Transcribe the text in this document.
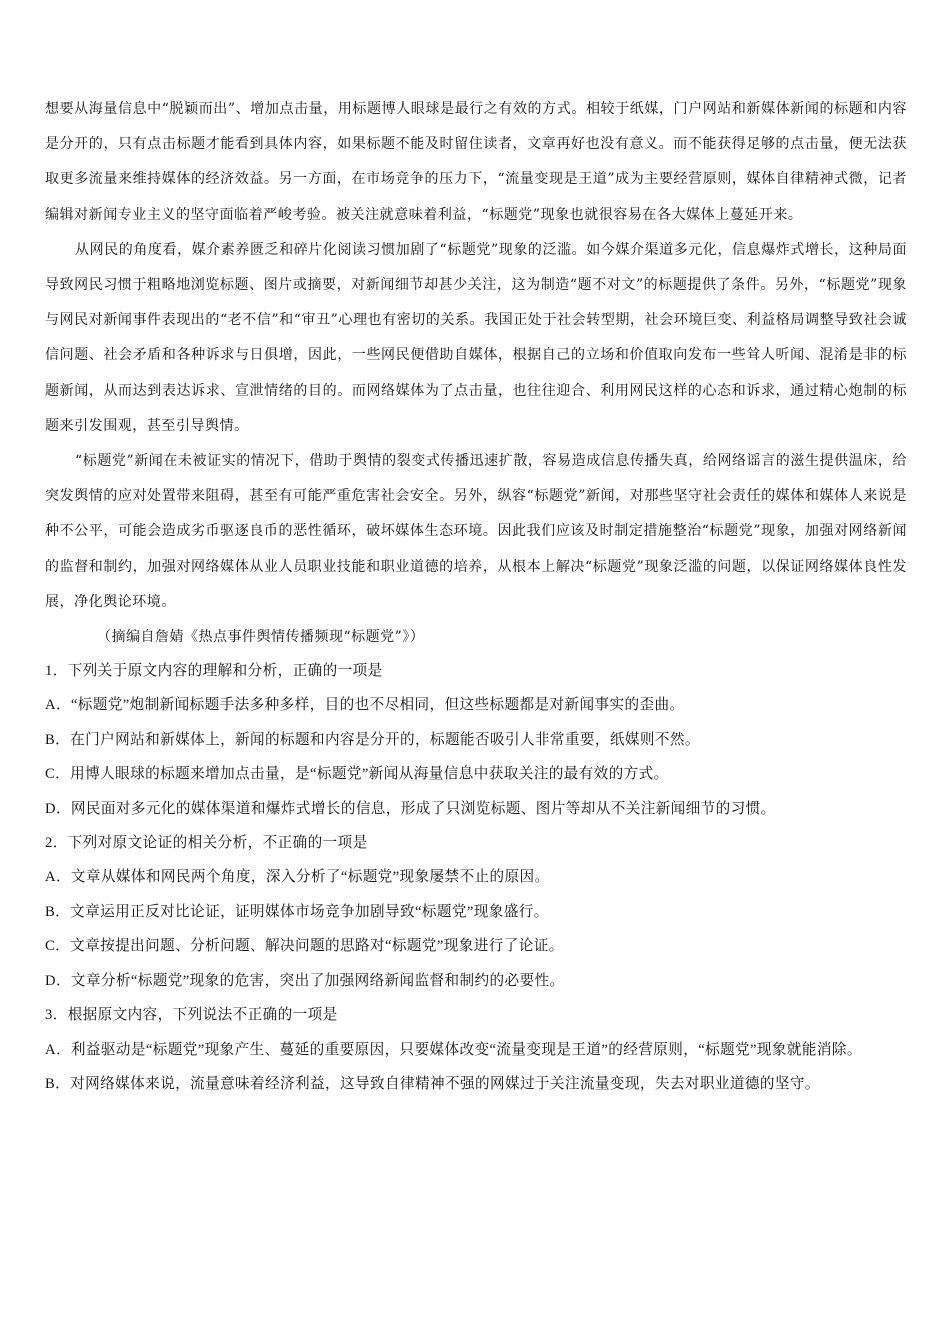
想要从海量信息中“脱颖而出”、增加点击量，用标题博人眼球是最行之有效的方式。相较于纸媒，门户网站和新媒体新闻的标题和内容是分开的，只有点击标题才能看到具体内容，如果标题不能及时留住读者，文章再好也没有意义。而不能获得足够的点击量，便无法获取更多流量来维持媒体的经济效益。另一方面，在市场竞争的压力下，“流量变现是王道”成为主要经营原则，媒体自律精神式微，记者编辑对新闻专业主义的坚守面临着严峻考验。被关注就意味着利益，“标题党”现象也就很容易在各大媒体上蔓延开来。

从网民的角度看，媒介素养匮乏和碎片化阅读习惯加剧了“标题党”现象的泛滥。如今媒介渠道多元化，信息爆炸式增长，这种局面导致网民习惯于粗略地浏览标题、图片或摘要，对新闻细节却甚少关注，这为制造“题不对文”的标题提供了条件。另外，“标题党”现象与网民对新闻事件表现出的“老不信”和“审丑”心理也有密切的关系。我国正处于社会转型期，社会环境巨变、利益格局调整导致社会诚信问题、社会矛盾和各种诉求与日俱增，因此，一些网民便借助自媒体，根据自己的立场和价值取向发布一些耸人听闻、混淆是非的标题新闻，从而达到表达诉求、宣泄情绪的目的。而网络媒体为了点击量，也往往迎合、利用网民这样的心态和诉求，通过精心炮制的标题来引发围观，甚至引导舆情。

“标题党”新闻在未被证实的情况下，借助于舆情的裂变式传播迅速扩散，容易造成信息传播失真，给网络谣言的滋生提供温床，给突发舆情的应对处置带来阻碍，甚至有可能严重危害社会安全。另外，纵容“标题党”新闻，对那些坚守社会责任的媒体和媒体人来说是种不公平，可能会造成劣币驱逐良币的恶性循环，破坏媒体生态环境。因此我们应该及时制定措施整治“标题党”现象，加强对网络新闻的监督和制约，加强对网络媒体从业人员职业技能和职业道德的培养，从根本上解决“标题党”现象泛滥的问题，以保证网络媒体良性发展，净化舆论环境。

（摘编自詹婧《热点事件舆情传播频现“标题党”》）

1．下列关于原文内容的理解和分析，正确的一项是

A．“标题党”炮制新闻标题手法多种多样，目的也不尽相同，但这些标题都是对新闻事实的歪曲。

B．在门户网站和新媒体上，新闻的标题和内容是分开的，标题能否吸引人非常重要，纸媒则不然。

C．用博人眼球的标题来增加点击量，是“标题党”新闻从海量信息中获取关注的最有效的方式。

D．网民面对多元化的媒体渠道和爆炸式增长的信息，形成了只浏览标题、图片等却从不关注新闻细节的习惯。

2．下列对原文论证的相关分析，不正确的一项是

A．文章从媒体和网民两个角度，深入分析了“标题党”现象屡禁不止的原因。

B．文章运用正反对比论证，证明媒体市场竞争加剧导致“标题党”现象盛行。

C．文章按提出问题、分析问题、解决问题的思路对“标题党”现象进行了论证。

D．文章分析“标题党”现象的危害，突出了加强网络新闻监督和制约的必要性。

3．根据原文内容，下列说法不正确的一项是

A．利益驱动是“标题党”现象产生、蔓延的重要原因，只要媒体改变“流量变现是王道”的经营原则，“标题党”现象就能消除。

B．对网络媒体来说，流量意味着经济利益，这导致自律精神不强的网媒过于关注流量变现，失去对职业道德的坚守。
